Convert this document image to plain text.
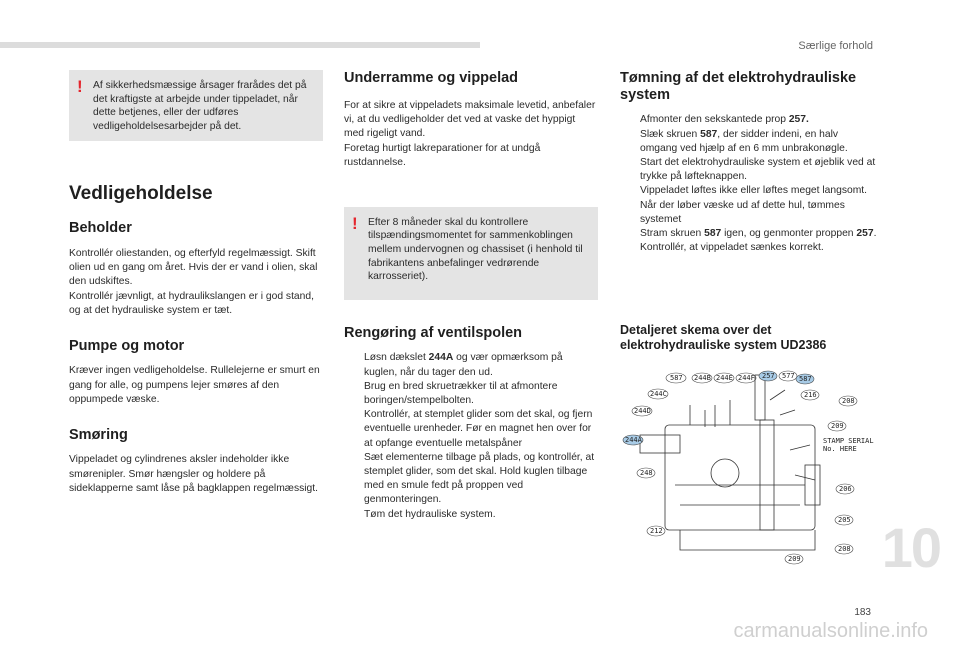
Særlige forhold
! Af sikkerhedsmæssige årsager frarådes det på det kraftigste at arbejde under tippeladet, når dette betjenes, eller der udføres vedligeholdelsesarbejder på det.
Vedligeholdelse
Beholder

Kontrollér oliestanden, og efterfyld regelmæssigt. Skift olien ud en gang om året. Hvis der er vand i olien, skal den udskiftes.

Kontrollér jævnligt, at hydraulikslangen er i god stand, og at det hydrauliske system er tæt.

Pumpe og motor

Kræver ingen vedligeholdelse. Rullelejerne er smurt en gang for alle, og pumpens lejer smøres af den oppumpede væske.

Smøring

Vippeladet og cylindrenes aksler indeholder ikke smørenipler. Smør hængsler og holdere på sideklapperne samt låse på bagklappen regelmæssigt.

Underramme og vippelad

For at sikre at vippeladets maksimale levetid, anbefaler vi, at du vedligeholder det ved at vaske det hyppigt med rigeligt vand.

Foretag hurtigt lakreparationer for at undgå rustdannelse.

! Efter 8 måneder skal du kontrollere tilspændingsmomentet for sammenkoblingen mellem undervognen og chassiset (i henhold til fabrikantens anbefalinger vedrørende karrosseriet).
Rengøring af ventilspolen
Løsn dækslet 244A og vær opmærksom på kuglen, når du tager den ud.
Brug en bred skruetrækker til at afmontere boringen/stempelbolten.
Kontrollér, at stemplet glider som det skal, og fjern eventuelle urenheder. Før en magnet hen over for at opfange eventuelle metalspåner
Sæt elementerne tilbage på plads, og kontrollér, at stemplet glider, som det skal. Hold kuglen tilbage med en smule fedt på proppen ved genmonteringen.
Tøm det hydrauliske system.
Tømning af det elektrohydrauliske system
Afmonter den sekskantede prop 257.
Slæk skruen 587, der sidder indeni, en halv omgang ved hjælp af en 6 mm unbrakonøgle.
Start det elektrohydrauliske system et øjeblik ved at trykke på løfteknappen.
Vippeladet løftes ikke eller løftes meget langsomt. Når der løber væske ud af dette hul, tømmes systemet
Stram skruen 587 igen, og genmonter proppen 257. Kontrollér, at vippeladet sænkes korrekt.
Detaljeret skema over det elektrohydrauliske system UD2386
587 244B 244E 244F 257 577 587
244C
244D
244A
248
212
216
208
209
206
205
208
209
STAMP SERIAL
No. HERE
10
183
carmanualsonline.info
